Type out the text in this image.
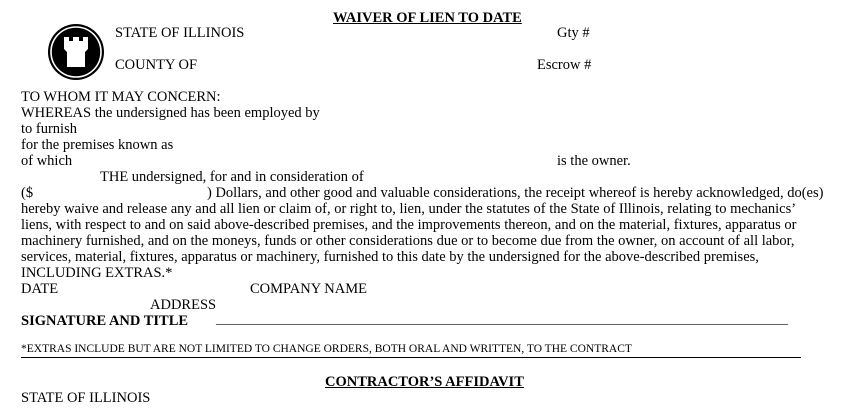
WAIVER OF LIEN TO DATE
STATE OF ILLINOIS	Gty #
COUNTY OF	Escrow #
TO WHOM IT MAY CONCERN:
WHEREAS the undersigned has been employed by
to furnish
for the premises known as
of which	is the owner.
THE undersigned, for and in consideration of
($	) Dollars, and other good and valuable considerations, the receipt whereof is hereby acknowledged, do(es)
hereby waive and release any and all lien or claim of, or right to, lien, under the statutes of the State of Illinois, relating to mechanics’
liens, with respect to and on said above-described premises, and the improvements thereon, and on the material, fixtures, apparatus or
machinery furnished, and on the moneys, funds or other considerations due or to become due from the owner, on account of all labor,
services, material, fixtures, apparatus or machinery, furnished to this date by the undersigned for the above-described premises,
INCLUDING EXTRAS.*
DATE	COMPANY NAME
ADDRESS
SIGNATURE AND TITLE ________________________________________________________________________________________
*EXTRAS INCLUDE BUT ARE NOT LIMITED TO CHANGE ORDERS, BOTH ORAL AND WRITTEN, TO THE CONTRACT
CONTRACTOR’S AFFIDAVIT
STATE OF ILLINOIS
